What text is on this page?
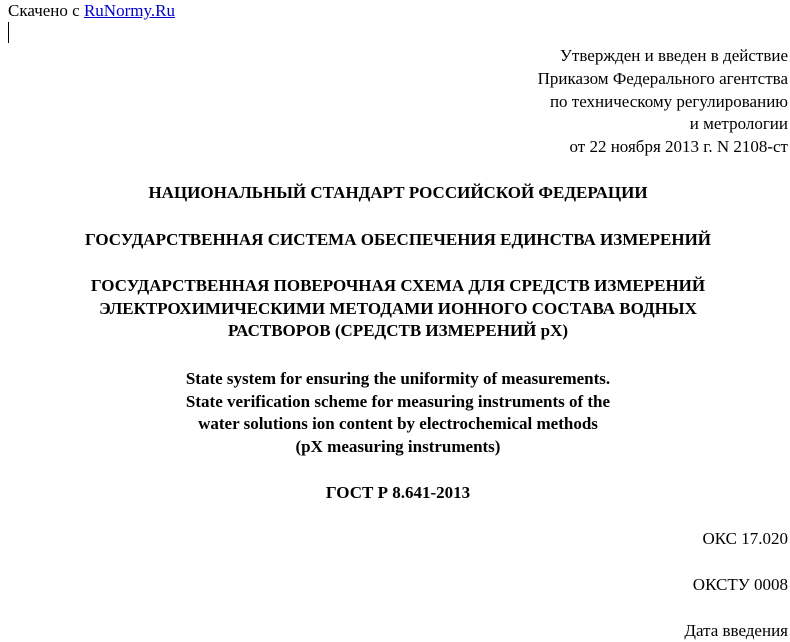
Скачено с RuNormy.Ru
Утвержден и введен в действие
Приказом Федерального агентства
по техническому регулированию
и метрологии
от 22 ноября 2013 г. N 2108-ст
НАЦИОНАЛЬНЫЙ СТАНДАРТ РОССИЙСКОЙ ФЕДЕРАЦИИ
ГОСУДАРСТВЕННАЯ СИСТЕМА ОБЕСПЕЧЕНИЯ ЕДИНСТВА ИЗМЕРЕНИЙ
ГОСУДАРСТВЕННАЯ ПОВЕРОЧНАЯ СХЕМА ДЛЯ СРЕДСТВ ИЗМЕРЕНИЙ
ЭЛЕКТРОХИМИЧЕСКИМИ МЕТОДАМИ ИОННОГО СОСТАВА ВОДНЫХ
РАСТВОРОВ (СРЕДСТВ ИЗМЕРЕНИЙ pX)
State system for ensuring the uniformity of measurements.
State verification scheme for measuring instruments of the
water solutions ion content by electrochemical methods
(pX measuring instruments)
ГОСТ Р 8.641-2013
ОКС 17.020
ОКСТУ 0008
Дата введения
